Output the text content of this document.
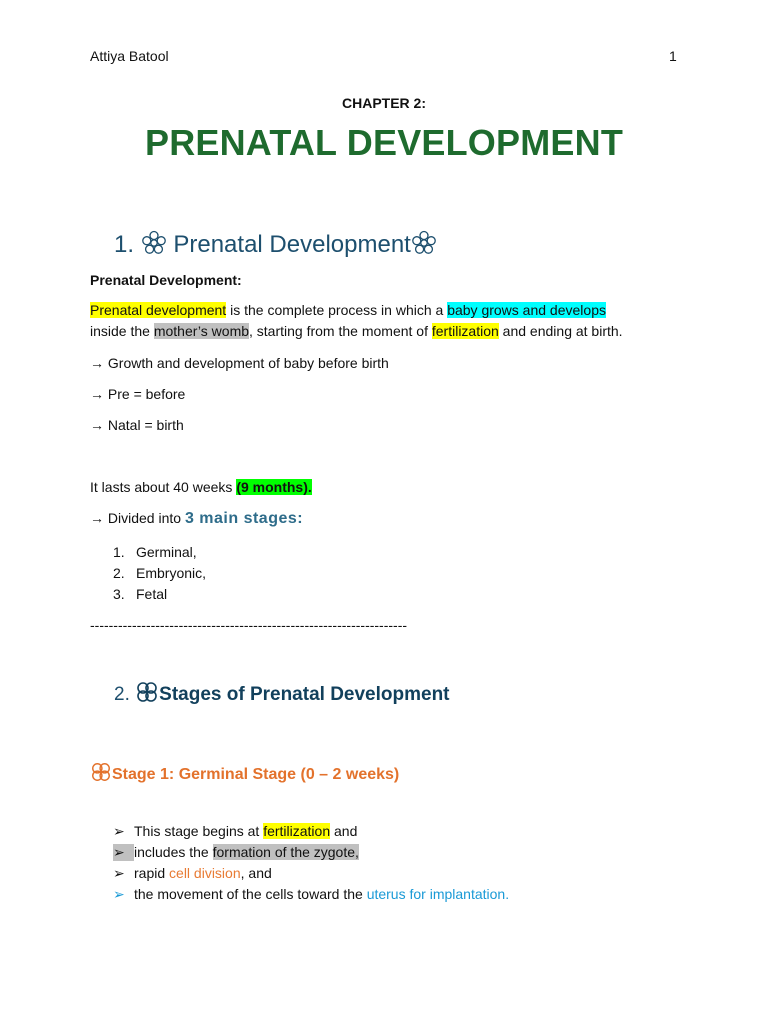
Attiya Batool	1
CHAPTER 2:
PRENATAL DEVELOPMENT
1. Prenatal Development
Prenatal Development:
Prenatal development is the complete process in which a baby grows and develops
inside the mother’s womb, starting from the moment of fertilization and ending at birth.
→ Growth and development of baby before birth
→ Pre = before
→ Natal = birth
It lasts about 40 weeks (9 months).
→ Divided into 3 main stages:
1. Germinal,
2. Embryonic,
3. Fetal
--------------------------------------------------------------------
2. Stages of Prenatal Development
Stage 1: Germinal Stage (0 – 2 weeks)
➢ This stage begins at fertilization and
➢ includes the formation of the zygote,
➢ rapid cell division, and
➢ the movement of the cells toward the uterus for implantation.
